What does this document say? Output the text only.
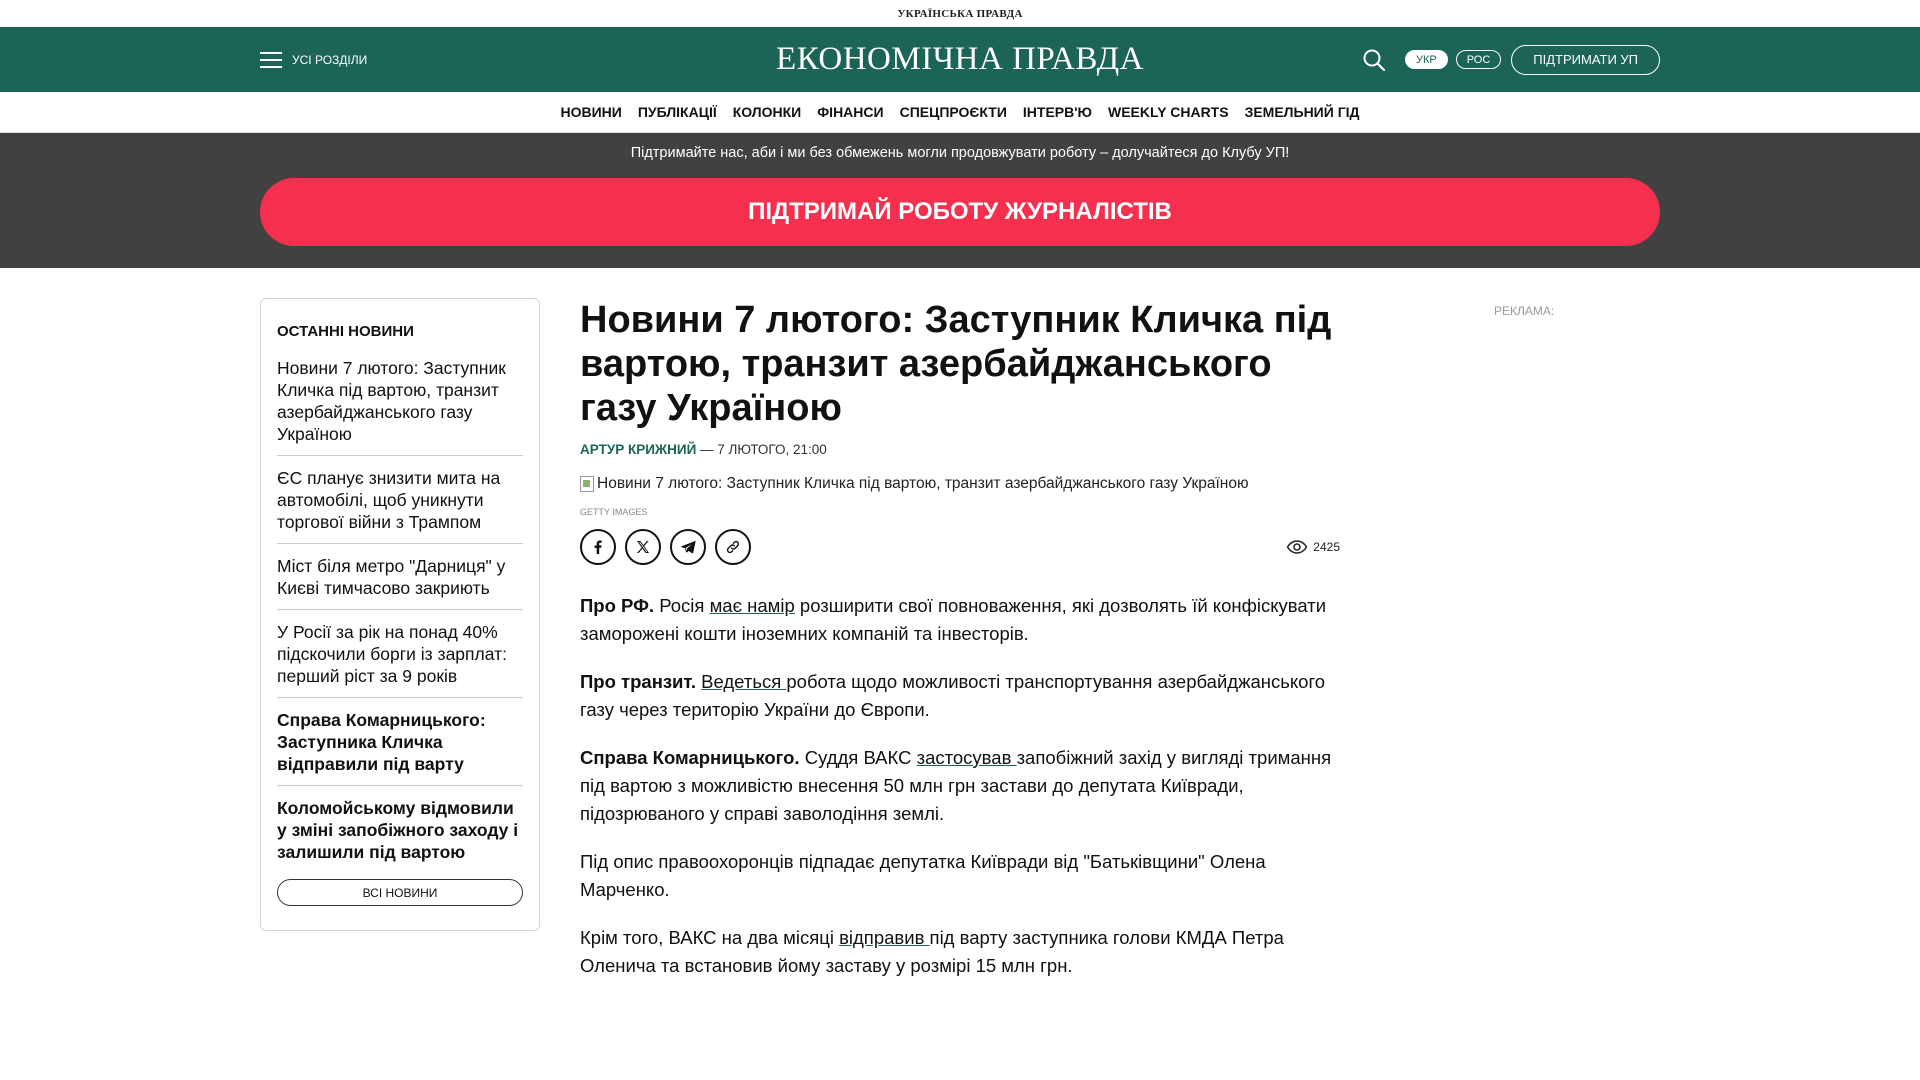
УКРАЇНСЬКА ПРАВДА
УСІ РОЗДІЛИ	ЕКОНОМІЧНА ПРАВДА	УКР	РОС	ПІДТРИМАТИ УП
НОВИНИ ПУБЛІКАЦІЇ КОЛОНКИ ФІНАНСИ СПЕЦПРОЄКТИ ІНТЕРВ'Ю WEEKLY CHARTS ЗЕМЕЛЬНИЙ ГІД
Підтримайте нас, аби і ми без обмежень могли продовжувати роботу – долучайтеся до Клубу УП!
ПІДТРИМАЙ РОБОТУ ЖУРНАЛІСТІВ
ОСТАННІ НОВИНИ
Новини 7 лютого: Заступник Кличка під вартою, транзит азербайджанського газу Україною
ЄС планує знизити мита на автомобілі, щоб уникнути торгової війни з Трампом
Міст біля метро "Дарниця" у Києві тимчасово закриють
У Росії за рік на понад 40% підскочили борги із зарплат: перший ріст за 9 років
Справа Комарницького: Заступника Кличка відправили під варту
Коломойському відмовили у зміні запобіжного заходу і залишили під вартою
ВСІ НОВИНИ
Новини 7 лютого: Заступник Кличка під вартою, транзит азербайджанського газу Україною
АРТУР КРИЖНИЙ — 7 ЛЮТОГО, 21:00
Новини 7 лютого: Заступник Кличка під вартою, транзит азербайджанського газу Україною
GETTY IMAGES
2425

Про РФ. Росія має намір розширити свої повноваження, які дозволять їй конфіскувати заморожені кошти іноземних компаній та інвесторів.

Про транзит. Ведеться робота щодо можливості транспортування азербайджанського газу через територію України до Європи.

Справа Комарницького. Суддя ВАКС застосував запобіжний захід у вигляді тримання під вартою з можливістю внесення 50 млн грн застави до депутата Київради, підозрюваного у справі заволодіння землі.

Під опис правоохоронців підпадає депутатка Київради від "Батьківщини" Олена Марченко.

Крім того, ВАКС на два місяці відправив під варту заступника голови КМДА Петра Оленича та встановив йому заставу у розмірі 15 млн грн.

РЕКЛАМА:
